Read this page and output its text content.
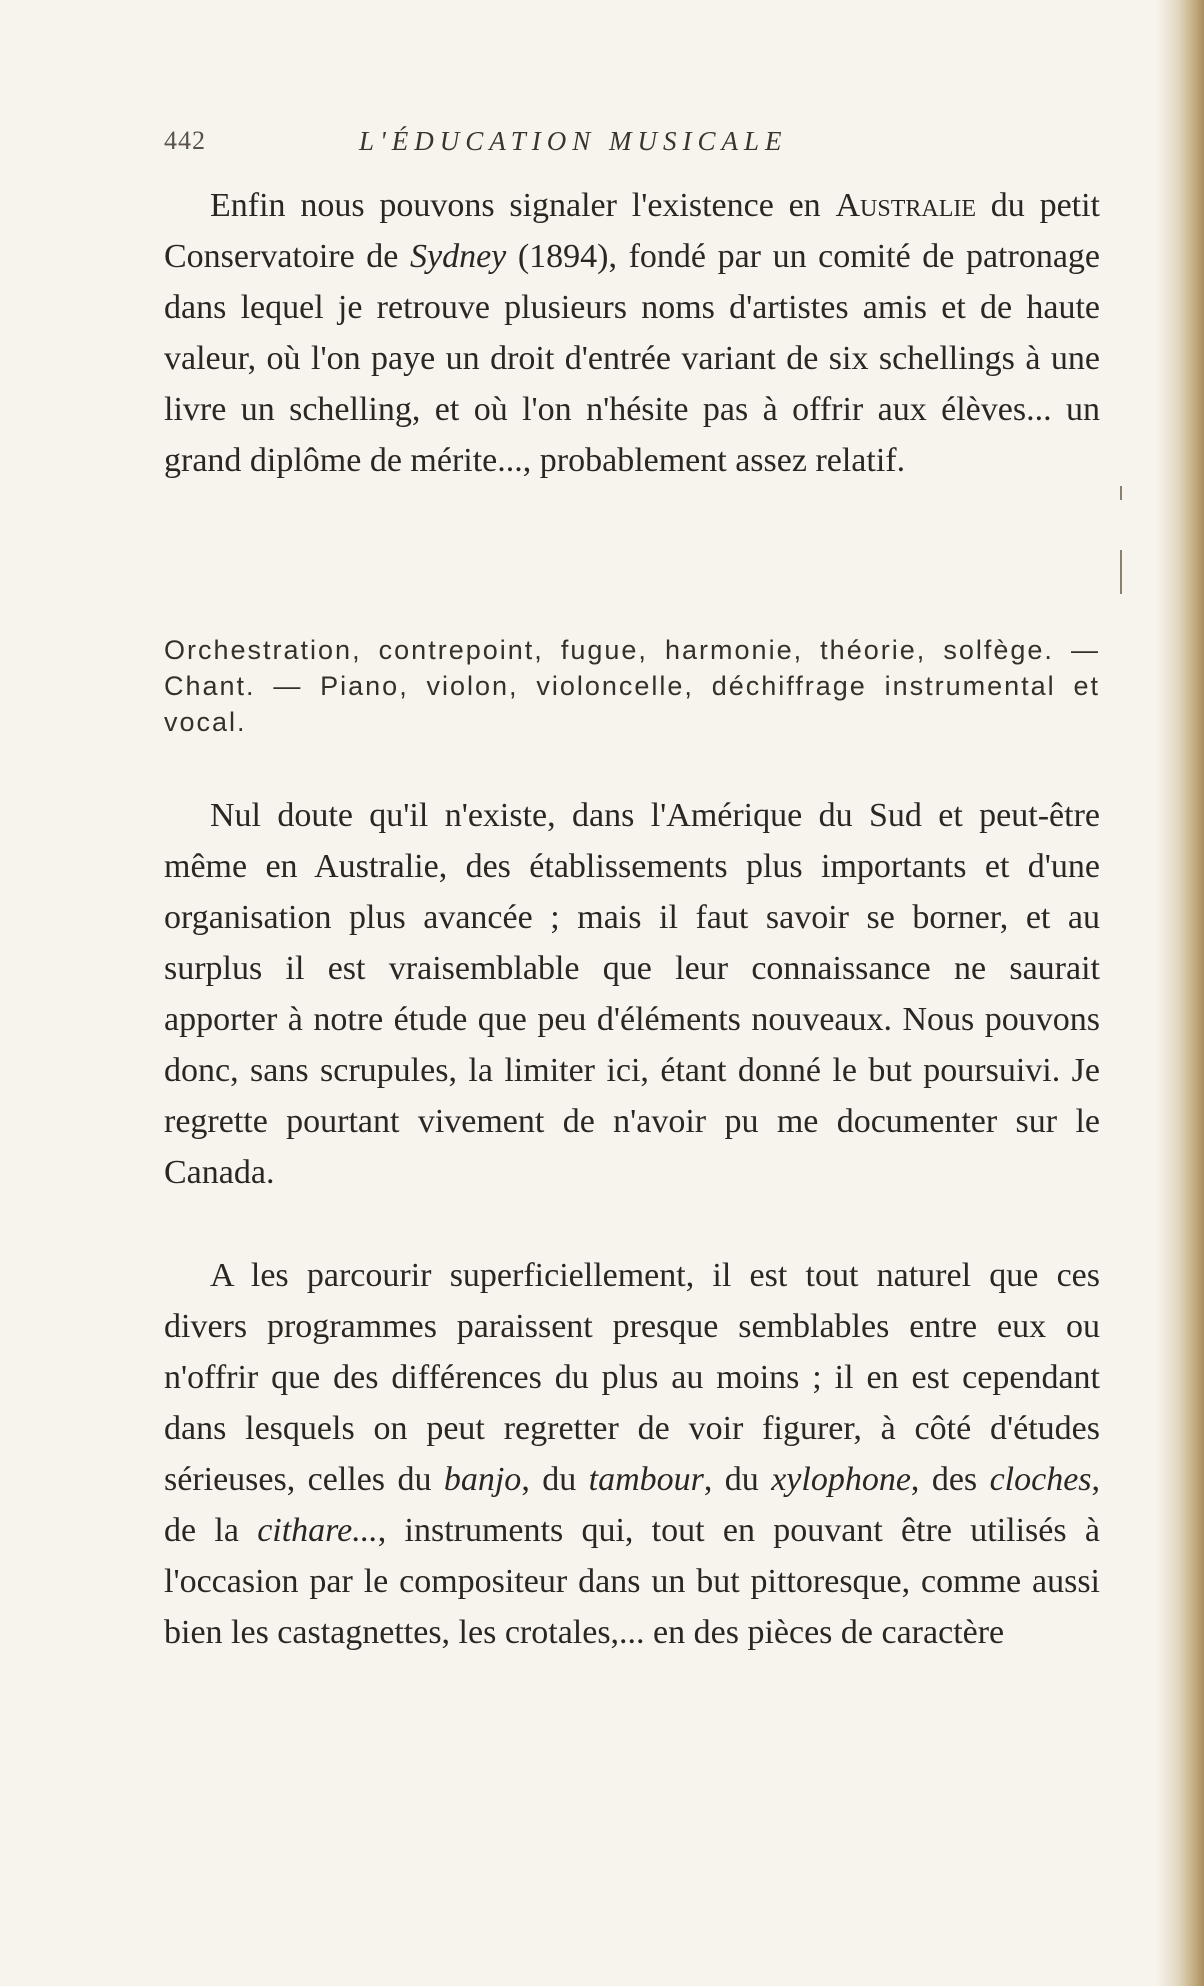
442	L'ÉDUCATION MUSICALE

Enfin nous pouvons signaler l'existence en Australie du petit Conservatoire de Sydney (1894), fondé par un comité de patronage dans lequel je retrouve plusieurs noms d'artistes amis et de haute valeur, où l'on paye un droit d'entrée variant de six schellings à une livre un schelling, et où l'on n'hésite pas à offrir aux élèves... un grand diplôme de mérite..., probablement assez relatif.

Orchestration, contrepoint, fugue, harmonie, théorie, solfège. — Chant. — Piano, violon, violoncelle, déchiffrage instrumental et vocal.

Nul doute qu'il n'existe, dans l'Amérique du Sud et peut-être même en Australie, des établissements plus importants et d'une organisation plus avancée ; mais il faut savoir se borner, et au surplus il est vraisemblable que leur connaissance ne saurait apporter à notre étude que peu d'éléments nouveaux. Nous pouvons donc, sans scrupules, la limiter ici, étant donné le but poursuivi. Je regrette pourtant vivement de n'avoir pu me documenter sur le Canada.

A les parcourir superficiellement, il est tout naturel que ces divers programmes paraissent presque semblables entre eux ou n'offrir que des différences du plus au moins ; il en est cependant dans lesquels on peut regretter de voir figurer, à côté d'études sérieuses, celles du banjo, du tambour, du xylophone, des cloches, de la cithare..., instruments qui, tout en pouvant être utilisés à l'occasion par le compositeur dans un but pittoresque, comme aussi bien les castagnettes, les crotales,... en des pièces de caractère
